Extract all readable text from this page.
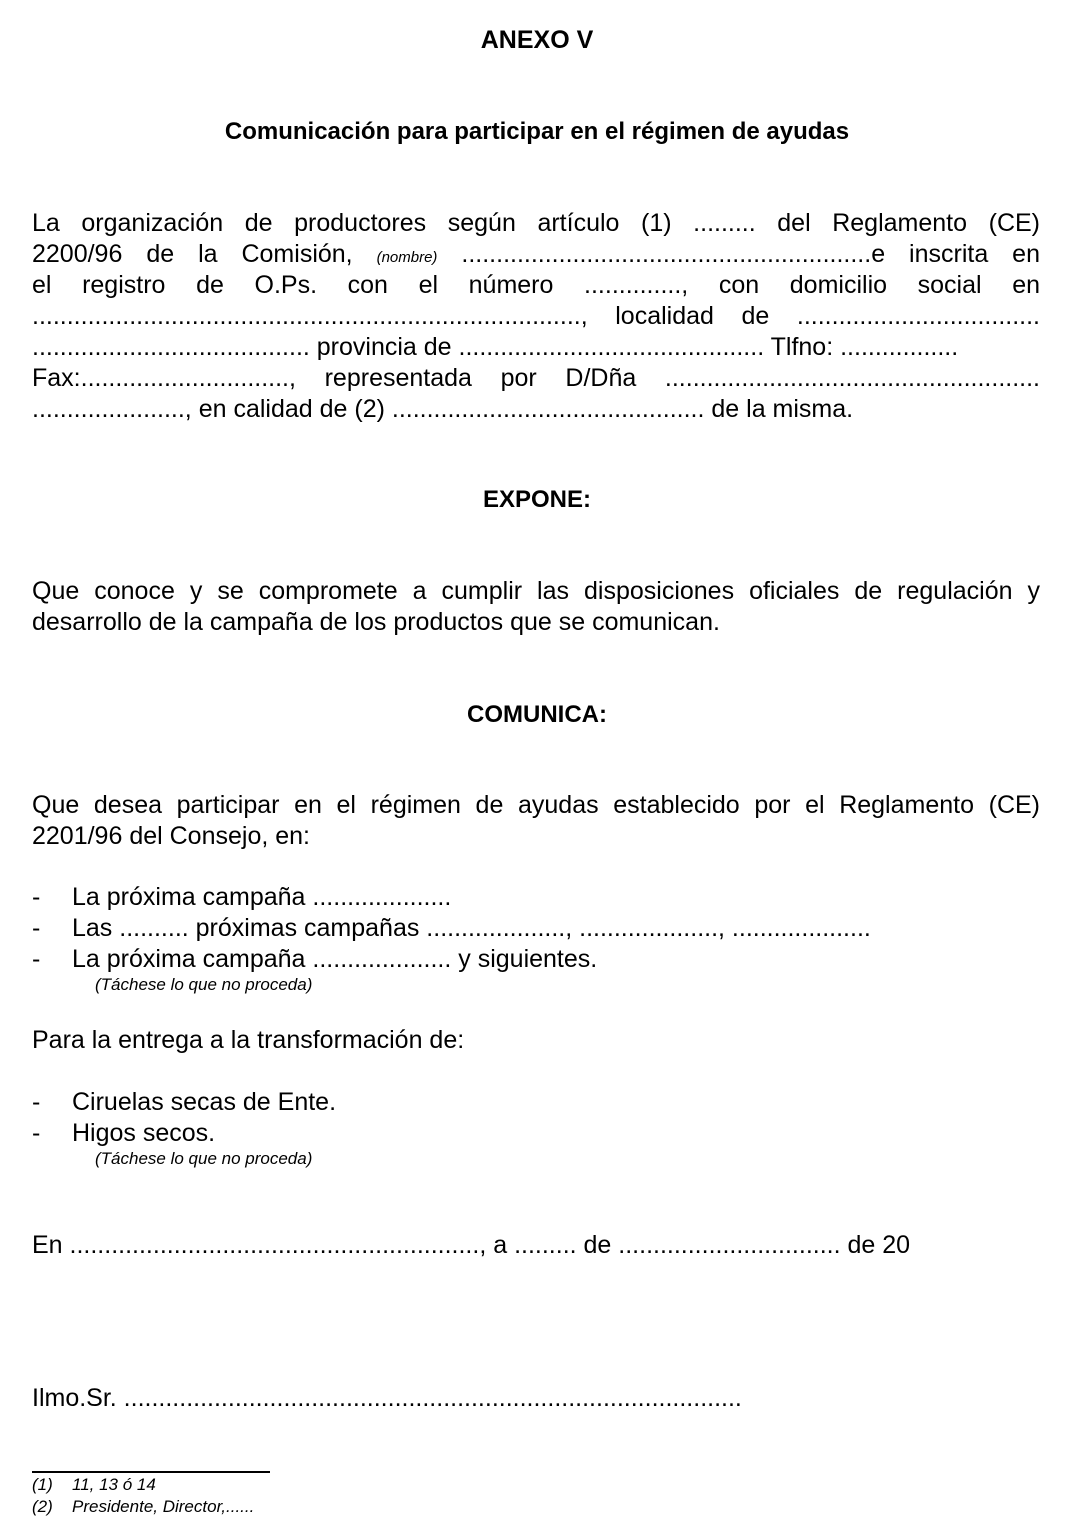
ANEXO V
Comunicación para participar en el régimen de ayudas
La organización de productores según artículo (1) ......... del Reglamento (CE)
2200/96 de la Comisión, (nombre) ...........................................................e inscrita en
el registro de O.Ps. con el número .............., con domicilio social en
..............................................................................., localidad de ...................................
........................................ provincia de ............................................ Tlfno: .................
Fax:.............................., representada por D/Dña ......................................................
......................, en calidad de (2) ............................................. de la misma.
EXPONE:
Que conoce y se compromete a cumplir las disposiciones oficiales de regulación y
desarrollo de la campaña de los productos que se comunican.
COMUNICA:
Que desea participar en el régimen de ayudas establecido por el Reglamento (CE)
2201/96 del Consejo, en:
- La próxima campaña ....................
- Las .......... próximas campañas ...................., ...................., ....................
- La próxima campaña .................... y siguientes.
(Táchese lo que no proceda)
Para la entrega a la transformación de:
- Ciruelas secas de Ente.
- Higos secos.
(Táchese lo que no proceda)
En ..........................................................., a ......... de ................................ de 20
Ilmo.Sr. .........................................................................................
(1) 11, 13 ó 14
(2) Presidente, Director,......
